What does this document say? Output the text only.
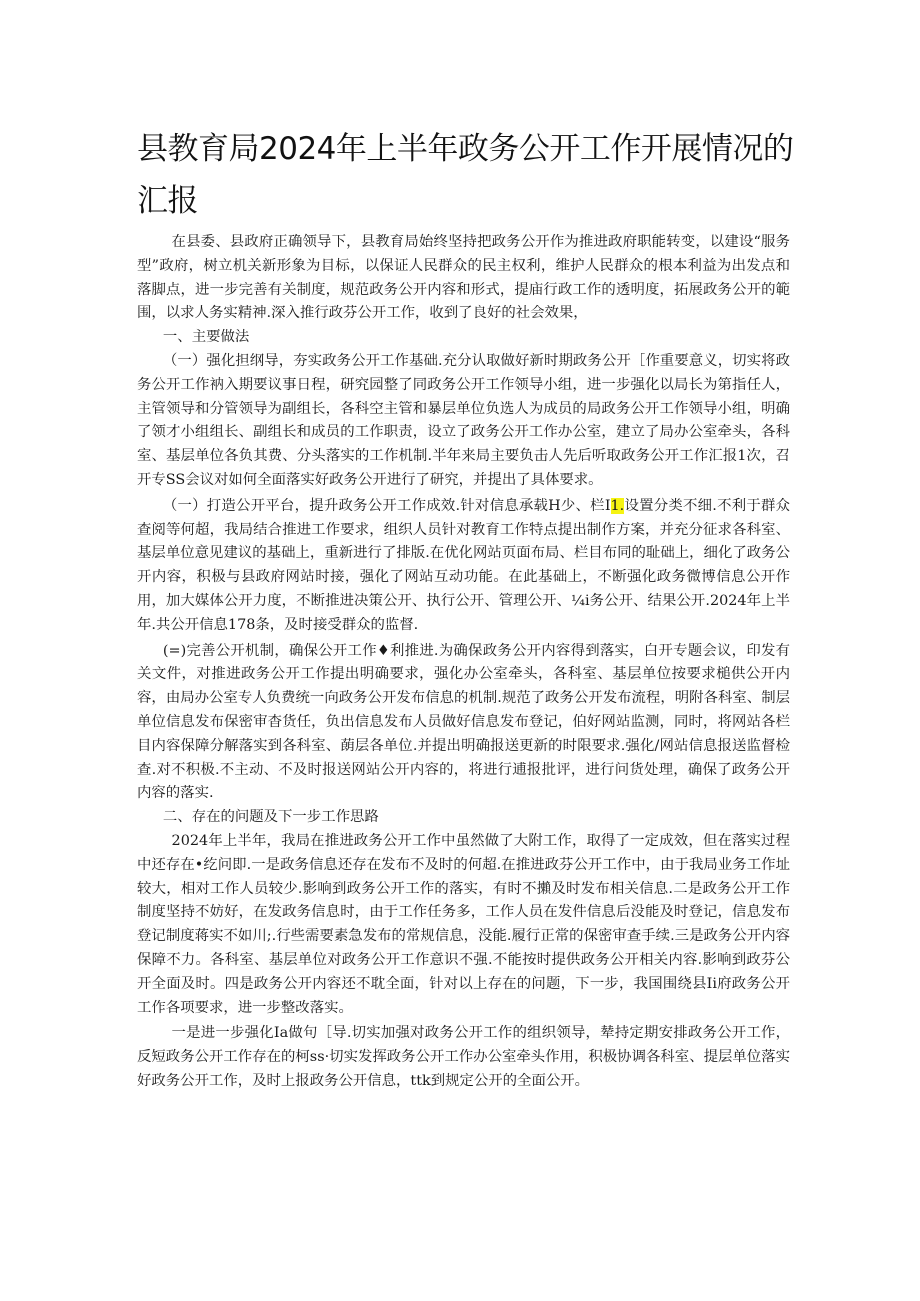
县教育局2024年上半年政务公开工作开展情况的汇报

在县委、县政府正确领导下，县教育局始终坚持把政务公开作为推进政府职能转变，以建设“服务型”政府，树立机关新形象为目标，以保证人民群众的民主权利，维护人民群众的根本利益为出发点和落脚点，进一步完善有关制度，规范政务公开内容和形式，提庙行政工作的透明度，拓展政务公开的範围，以求人务实精神.深入推行政芬公开工作，收到了良好的社会效果，

一、主要做法

（一）强化担纲导，夯实政务公开工作基础.充分认取做好新时期政务公开［作重要意义，切实将政务公开工作衲入期要议事日程，研究园整了同政务公开工作领导小组，进一步强化以局长为第指任人，主管领导和分管领导为副组长，各科空主管和暴层单位负选人为成员的局政务公开工作领导小组，明确了领才小组组长、副组长和成员的工作职责，设立了政务公开工作办公室，建立了局办公室牵头，各科室、基层单位各负其费、分头落实的工作机制.半年来局主要负击人先后听取政务公开工作汇报1次，召开专SS会议对如何全面落实好政务公开进行了研究，并提出了具体要求。

（一）打造公开平台，提升政务公开工作成效.针对信息承载H少、栏I1.设置分类不细.不利于群众查阅等何超，我局结合推进工作要求，组织人员针对教育工作特点提出制作方案，并充分征求各科室、基层单位意见建议的基础上，重新进行了排版.在优化网站页面布局、栏目布同的耻础上，细化了政务公开内容，积极与县政府网站时接，强化了网站互动功能。在此基础上，不断强化政务微博信息公开作用，加大媒体公开力度，不断推进决策公开、执行公开、管理公开、¼i务公开、结果公开.2024年上半年.共公开信息178条，及时接受群众的监督.

(=)完善公开机制，确保公开工作♦利推进.为确保政务公开内容得到落实，白开专题会议，印发有关文件，对推进政务公开工作提出明确要求，强化办公室牵头，各科室、基层单位按要求槌供公开内容，由局办公室专人负费统一向政务公开发布信息的机制.规范了政务公开发布流程，明附各科室、制层单位信息发布保密审杳货任，负出信息发布人员做好信息发布登记，伯好网站监测，同时，将网站各栏目内容保障分解落实到各科室、蓢层各单位.并提出明确报送更新的时限要求.强化/网站信息报送监督检查.对不积极.不主动、不及时报送网站公开内容的，将进行逋报批评，进行问货处理，确保了政务公开内容的落实.

二、存在的问题及下一步工作思路

2024年上半年，我局在推进政务公开工作中虽然做了大附工作，取得了一定成效，但在落实过程中还存在•纥问即.一是政务信息还存在发布不及时的何超.在推进政芬公开工作中，由于我局业务工作址较大，相对工作人员较少.影响到政务公开工作的落实，有时不攋及时发布相关信息.二是政务公开工作制度坚持不妨好，在发政务信息时，由于工作任务多，工作人员在发件信息后没能及时登记，信息发布登记制度蒋实不如川;.行些需要素急发布的常规信息，没能.履行正常的保密审查手续.三是政务公开内容保障不力。各科室、基层单位对政务公开工作意识不强.不能按时提供政务公开相关内容.影响到政芬公开全面及时。四是政务公开内容还不耽全面，针对以上存在的问题，下一步，我国围绕县Ii府政务公开工作各项要求，进一步整改落实。

一是进一步强化Ia做句［导.切实加强对政务公开工作的组织领导，辇持定期安排政务公开工作，反短政务公开工作存在的柯ss·切实发挥政务公开工作办公室牵头作用，积极协调各科室、提层单位落实好政务公开工作，及时上报政务公开信息，ttk到规定公开的全面公开。
